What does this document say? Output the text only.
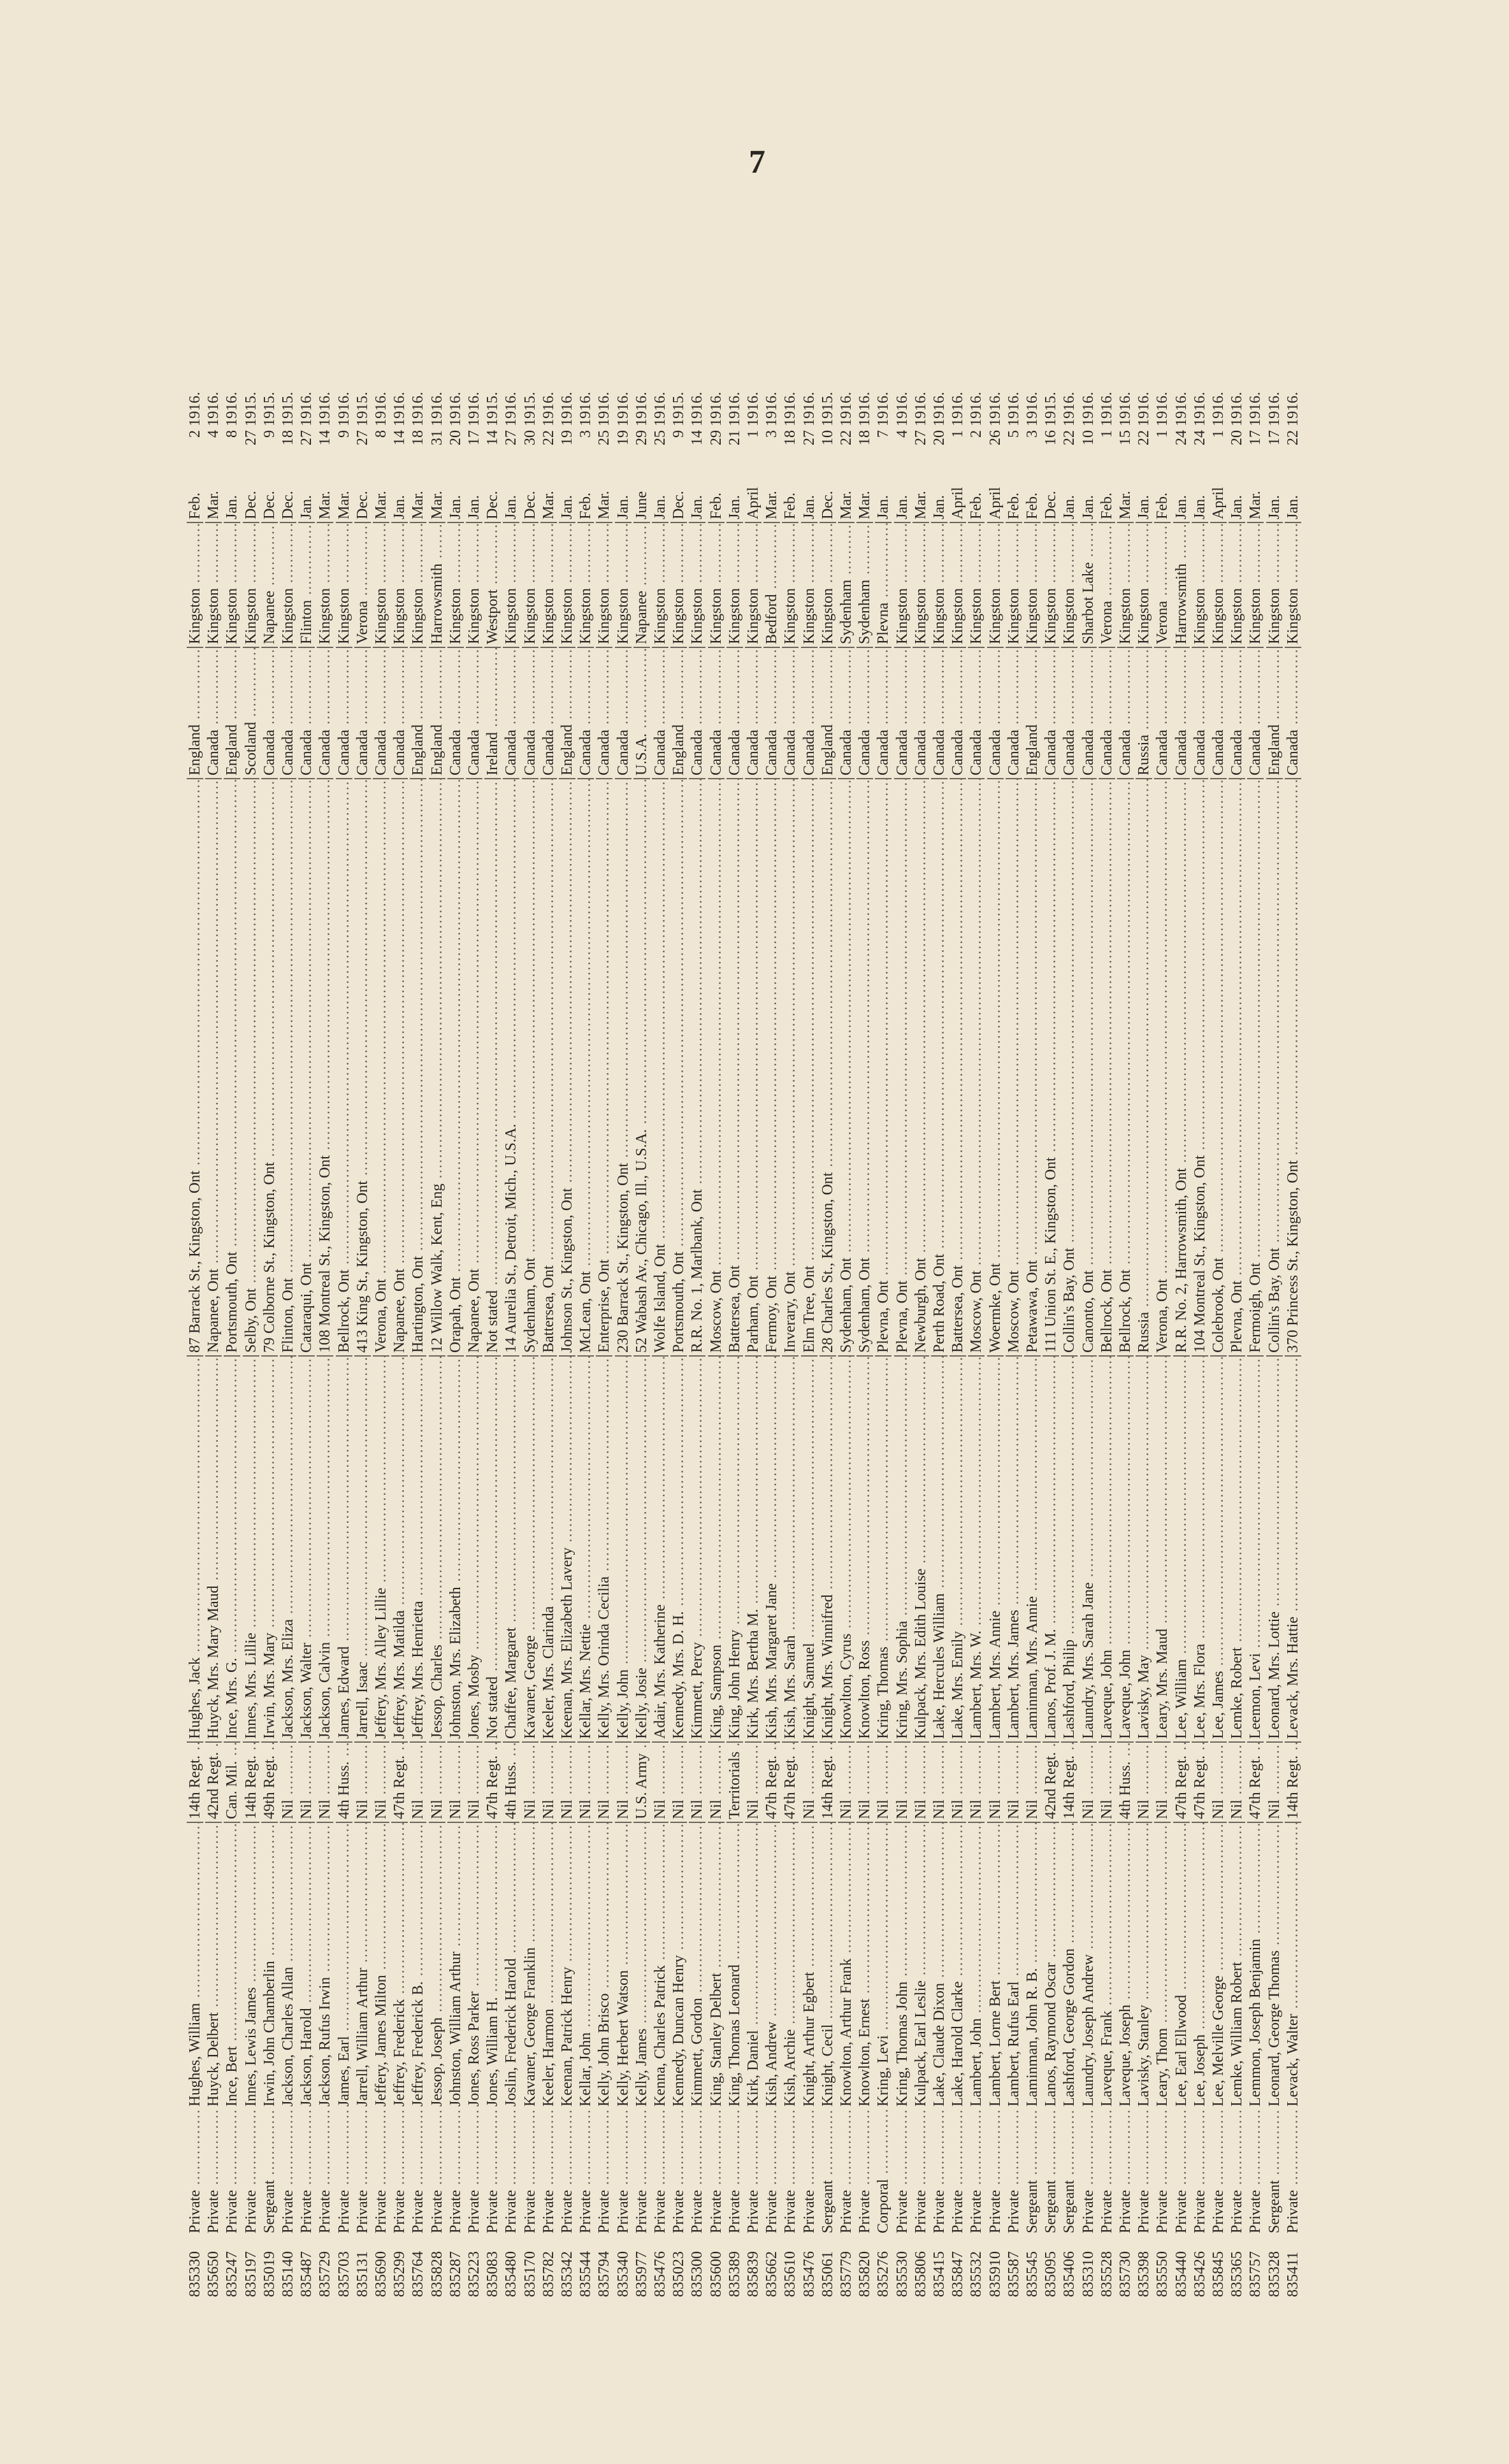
7
835330
Private .....
Hughes, William .....
14th Regt. .....
Hughes, Jack .....
87 Barrack St., Kingston, Ont .....
England .....
Kingston .....
Feb.
2
1916.
835650
Private .....
Huyck, Delbert .....
42nd Regt. .....
Huyck, Mrs. Mary Maud .....
Napanee, Ont .....
Canada .....
Kingston .....
Mar.
4
1916.
835247
Private .....
Ince, Bert .....
Can. Mil. .....
Ince, Mrs. G. .....
Portsmouth, Ont .....
England .....
Kingston .....
Jan.
8
1916.
835197
Private .....
Innes, Lewis James .....
14th Regt. .....
Innes, Mrs. Lillie .....
Selby, Ont .....
Scotland .....
Kingston .....
Dec.
27
1915.
835019
Sergeant .....
Irwin, John Chamberlin .....
49th Regt. .....
Irwin, Mrs. Mary .....
79 Colborne St., Kingston, Ont .....
Canada .....
Napanee .....
Dec.
9
1915.
835140
Private .....
Jackson, Charles Allan .....
Nil .....
Jackson, Mrs. Eliza .....
Flinton, Ont .....
Canada .....
Kingston .....
Dec.
18
1915.
835487
Private .....
Jackson, Harold .....
Nil .....
Jackson, Walter .....
Cataraqui, Ont .....
Canada .....
Flinton .....
Jan.
27
1916.
835729
Private .....
Jackson, Rufus Irwin .....
Nil .....
Jackson, Calvin .....
108 Montreal St., Kingston, Ont .....
Canada .....
Kingston .....
Mar.
14
1916.
835703
Private .....
James, Earl .....
4th Huss. .....
James, Edward .....
Bellrock, Ont .....
Canada .....
Kingston .....
Mar.
9
1916.
835131
Private .....
Jarrell, William Arthur .....
Nil .....
Jarrell, Isaac .....
413 King St., Kingston, Ont .....
Canada .....
Verona .....
Dec.
27
1915.
835690
Private .....
Jeffery, James Milton .....
Nil .....
Jeffery, Mrs. Alley Lillie .....
Verona, Ont .....
Canada .....
Kingston .....
Mar.
8
1916.
835299
Private .....
Jeffrey, Frederick .....
47th Regt. .....
Jeffrey, Mrs. Matilda .....
Napanee, Ont .....
Canada .....
Kingston .....
Jan.
14
1916.
835764
Private .....
Jeffrey, Frederick B. .....
Nil .....
Jeffrey, Mrs. Henrietta .....
Hartington, Ont .....
England .....
Kingston .....
Mar.
18
1916.
835828
Private .....
Jessop, Joseph .....
Nil .....
Jessop, Charles .....
12 Willow Walk, Kent, Eng .....
England .....
Harrowsmith .....
Mar.
31
1916.
835287
Private .....
Johnston, William Arthur .....
Nil .....
Johnston, Mrs. Elizabeth .....
Orapah, Ont .....
Canada .....
Kingston .....
Jan.
20
1916.
835223
Private .....
Jones, Ross Parker .....
Nil .....
Jones, Mosby .....
Napanee, Ont .....
Canada .....
Kingston .....
Jan.
17
1916.
835083
Private .....
Jones, William H. .....
47th Regt. .....
Not stated .....
Not stated .....
Ireland .....
Westport .....
Dec.
14
1915.
835480
Private .....
Joslin, Frederick Harold .....
4th Huss. .....
Chaffee, Margaret .....
14 Aurelia St., Detroit, Mich., U.S.A. .....
Canada .....
Kingston .....
Jan.
27
1916.
835170
Private .....
Kavaner, George Franklin .....
Nil .....
Kavaner, George .....
Sydenham, Ont .....
Canada .....
Kingston .....
Dec.
30
1915.
835782
Private .....
Keeler, Harmon .....
Nil .....
Keeler, Mrs. Clarinda .....
Battersea, Ont .....
Canada .....
Kingston .....
Mar.
22
1916.
835342
Private .....
Keenan, Patrick Henry .....
Nil .....
Keenan, Mrs. Elizabeth Lavery .....
Johnson St., Kingston, Ont .....
England .....
Kingston .....
Jan.
19
1916.
835544
Private .....
Kellar, John .....
Nil .....
Kellar, Mrs. Nettie .....
McLean, Ont .....
Canada .....
Kingston .....
Feb.
3
1916.
835794
Private .....
Kelly, John Brisco .....
Nil .....
Kelly, Mrs. Orinda Cecilia .....
Enterprise, Ont .....
Canada .....
Kingston .....
Mar.
25
1916.
835340
Private .....
Kelly, Herbert Watson .....
Nil .....
Kelly, John .....
230 Barrack St., Kingston, Ont .....
Canada .....
Kingston .....
Jan.
19
1916.
835977
Private .....
Kelly, James .....
U.S. Army .....
Kelly, Josie .....
52 Wabash Av., Chicago, Ill., U.S.A. .....
U.S.A. .....
Napanee .....
June
29
1916.
835476
Private .....
Kenna, Charles Patrick .....
Nil .....
Adair, Mrs. Katherine .....
Wolfe Island, Ont .....
Canada .....
Kingston .....
Jan.
25
1916.
835023
Private .....
Kennedy, Duncan Henry .....
Nil .....
Kennedy, Mrs. D. H. .....
Portsmouth, Ont .....
England .....
Kingston .....
Dec.
9
1915.
835300
Private .....
Kimmett, Gordon .....
Nil .....
Kimmett, Percy .....
R.R. No. 1, Marlbank, Ont .....
Canada .....
Kingston .....
Jan.
14
1916.
835600
Private .....
King, Stanley Delbert .....
Nil .....
King, Sampson .....
Moscow, Ont .....
Canada .....
Kingston .....
Feb.
29
1916.
835389
Private .....
King, Thomas Leonard .....
Territorials .....
King, John Henry .....
Battersea, Ont .....
Canada .....
Kingston .....
Jan.
21
1916.
835839
Private .....
Kirk, Daniel .....
Nil .....
Kirk, Mrs. Bertha M. .....
Parham, Ont .....
Canada .....
Kingston .....
April
1
1916.
835662
Private .....
Kish, Andrew .....
47th Regt. .....
Kish, Mrs. Margaret Jane .....
Fermoy, Ont .....
Canada .....
Bedford .....
Mar.
3
1916.
835610
Private .....
Kish, Archie .....
47th Regt. .....
Kish, Mrs. Sarah .....
Inverary, Ont .....
Canada .....
Kingston .....
Feb.
18
1916.
835476
Private .....
Knight, Arthur Egbert .....
Nil .....
Knight, Samuel .....
Elm Tree, Ont .....
Canada .....
Kingston .....
Jan.
27
1916.
835061
Sergeant .....
Knight, Cecil .....
14th Regt. .....
Knight, Mrs. Winnifred .....
28 Charles St., Kingston, Ont .....
England .....
Kingston .....
Dec.
10
1915.
835779
Private .....
Knowlton, Arthur Frank .....
Nil .....
Knowlton, Cyrus .....
Sydenham, Ont .....
Canada .....
Sydenham .....
Mar.
22
1916.
835820
Private .....
Knowlton, Ernest .....
Nil .....
Knowlton, Ross .....
Sydenham, Ont .....
Canada .....
Sydenham .....
Mar.
18
1916.
835276
Corporal .....
Kring, Levi .....
Nil .....
Kring, Thomas .....
Plevna, Ont .....
Canada .....
Plevna .....
Jan.
7
1916.
835530
Private .....
Kring, Thomas John .....
Nil .....
Kring, Mrs. Sophia .....
Plevna, Ont .....
Canada .....
Kingston .....
Jan.
4
1916.
835806
Private .....
Kulpack, Earl Leslie .....
Nil .....
Kulpack, Mrs. Edith Louise .....
Newburgh, Ont .....
Canada .....
Kingston .....
Mar.
27
1916.
835415
Private .....
Lake, Claude Dixon .....
Nil .....
Lake, Hercules William .....
Perth Road, Ont .....
Canada .....
Kingston .....
Jan.
20
1916.
835847
Private .....
Lake, Harold Clarke .....
Nil .....
Lake, Mrs. Emily .....
Battersea, Ont .....
Canada .....
Kingston .....
April
1
1916.
835532
Private .....
Lambert, John .....
Nil .....
Lambert, Mrs. W. .....
Moscow, Ont .....
Canada .....
Kingston .....
Feb.
2
1916.
835910
Private .....
Lambert, Lorne Bert .....
Nil .....
Lambert, Mrs. Annie .....
Woermke, Ont .....
Canada .....
Kingston .....
April
26
1916.
835587
Private .....
Lambert, Rufus Earl .....
Nil .....
Lambert, Mrs. James .....
Moscow, Ont .....
Canada .....
Kingston .....
Feb.
5
1916.
835545
Sergeant .....
Laminman, John R. B. .....
Nil .....
Laminman, Mrs. Annie .....
Petawawa, Ont .....
England .....
Kingston .....
Feb.
3
1916.
835095
Sergeant .....
Lanos, Raymond Oscar .....
42nd Regt. .....
Lanos, Prof. J. M. .....
111 Union St. E., Kingston, Ont .....
Canada .....
Kingston .....
Dec.
16
1915.
835406
Sergeant .....
Lashford, George Gordon .....
14th Regt. .....
Lashford, Philip .....
Collin's Bay, Ont .....
Canada .....
Kingston .....
Jan.
22
1916.
835310
Private .....
Laundry, Joseph Andrew .....
Nil .....
Laundry, Mrs. Sarah Jane .....
Canonto, Ont .....
Canada .....
Sharbot Lake .....
Jan.
10
1916.
835528
Private .....
Laveque, Frank .....
Nil .....
Laveque, John .....
Bellrock, Ont .....
Canada .....
Verona .....
Feb.
1
1916.
835730
Private .....
Laveque, Joseph .....
4th Huss. .....
Laveque, John .....
Bellrock, Ont .....
Canada .....
Kingston .....
Mar.
15
1916.
835398
Private .....
Lavisky, Stanley .....
Nil .....
Lavisky, May .....
Russia .....
Russia .....
Kingston .....
Jan.
22
1916.
835550
Private .....
Leary, Thom .....
Nil .....
Leary, Mrs. Maud .....
Verona, Ont .....
Canada .....
Verona .....
Feb.
1
1916.
835440
Private .....
Lee, Earl Ellwood .....
47th Regt. .....
Lee, William .....
R.R. No. 2, Harrowsmith, Ont .....
Canada .....
Harrowsmith .....
Jan.
24
1916.
835426
Private .....
Lee, Joseph .....
47th Regt. .....
Lee, Mrs. Flora .....
104 Montreal St., Kingston, Ont .....
Canada .....
Kingston .....
Jan.
24
1916.
835845
Private .....
Lee, Melville George .....
Nil .....
Lee, James .....
Colebrook, Ont .....
Canada .....
Kingston .....
April
1
1916.
835365
Private .....
Lemke, William Robert .....
Nil .....
Lemke, Robert .....
Plevna, Ont .....
Canada .....
Kingston .....
Jan.
20
1916.
835757
Private .....
Lemmon, Joseph Benjamin .....
47th Regt. .....
Leemon, Levi .....
Fermoigh, Ont .....
Canada .....
Kingston .....
Mar.
17
1916.
835328
Sergeant .....
Leonard, George Thomas .....
Nil .....
Leonard, Mrs. Lottie .....
Collin's Bay, Ont .....
England .....
Kingston .....
Jan.
17
1916.
835411
Private .....
Levack, Walter .....
14th Regt. .....
Levack, Mrs. Hattie .....
370 Princess St., Kingston, Ont .....
Canada .....
Kingston .....
Jan.
22
1916.
